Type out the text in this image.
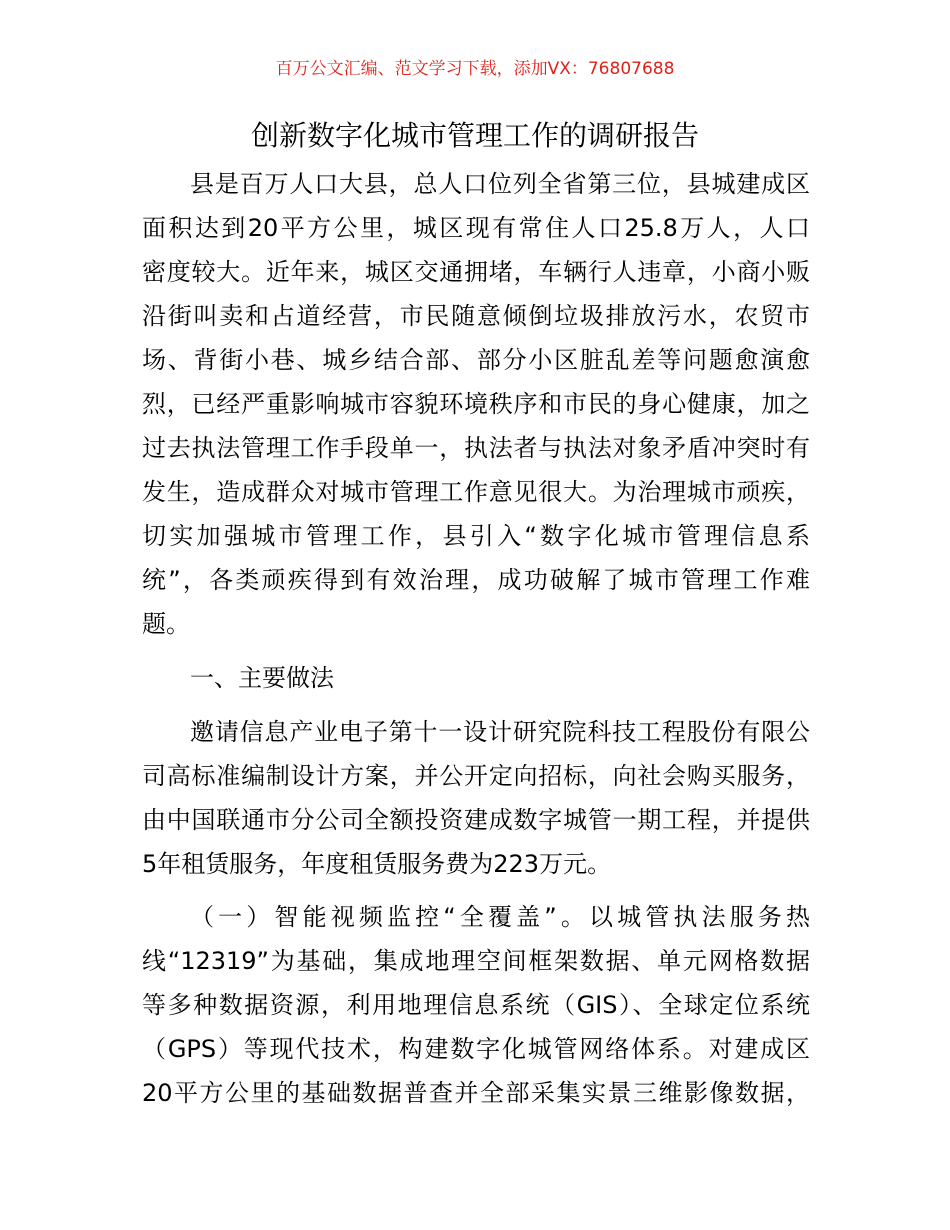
百万公文汇编、范文学习下载，添加VX：76807688
创新数字化城市管理工作的调研报告
县是百万人口大县，总人口位列全省第三位，县城建成区
面积达到20平方公里，城区现有常住人口25.8万人，人口
密度较大。近年来，城区交通拥堵，车辆行人违章，小商小贩
沿街叫卖和占道经营，市民随意倾倒垃圾排放污水，农贸市
场、背街小巷、城乡结合部、部分小区脏乱差等问题愈演愈
烈，已经严重影响城市容貌环境秩序和市民的身心健康，加之
过去执法管理工作手段单一，执法者与执法对象矛盾冲突时有
发生，造成群众对城市管理工作意见很大。为治理城市顽疾，
切实加强城市管理工作，县引入“数字化城市管理信息系
统”，各类顽疾得到有效治理，成功破解了城市管理工作难
题。
一、主要做法
邀请信息产业电子第十一设计研究院科技工程股份有限公
司高标准编制设计方案，并公开定向招标，向社会购买服务，
由中国联通市分公司全额投资建成数字城管一期工程，并提供
5年租赁服务，年度租赁服务费为223万元。
（一）智能视频监控“全覆盖”。以城管执法服务热
线“12319”为基础，集成地理空间框架数据、单元网格数据
等多种数据资源，利用地理信息系统（GIS）、全球定位系统
（GPS）等现代技术，构建数字化城管网络体系。对建成区
20平方公里的基础数据普查并全部采集实景三维影像数据，
